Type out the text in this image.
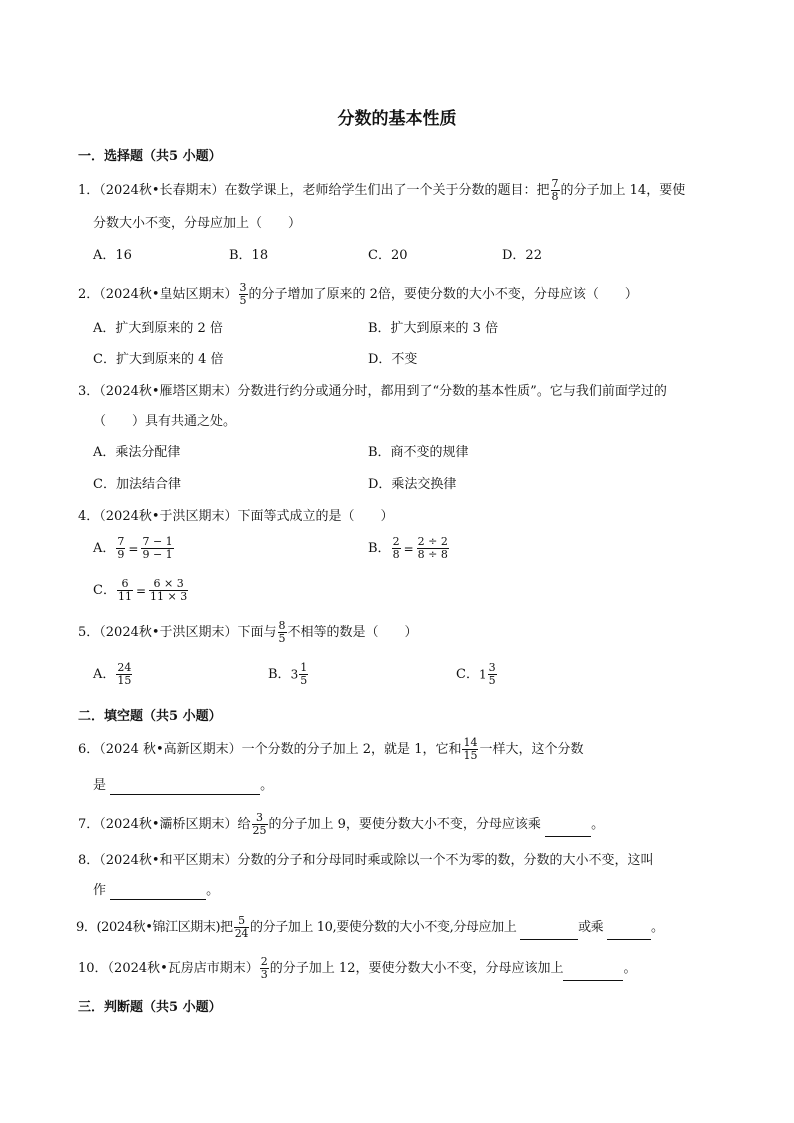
分数的基本性质
一．选择题（共5 小题）
1．（2024秋•长春期末）在数学课上，老师给学生们出了一个关于分数的题目：把 $\frac{7}{8}$ 的分子加上 14，要使
分数大小不变，分母应加上（　　）
A．16	B．18	C．20	D．22
2．（2024秋•皇姑区期末） $\frac{3}{5}$ 的分子增加了原来的 2倍，要使分数的大小不变，分母应该（　　）
A．扩大到原来的 2 倍	B．扩大到原来的 3 倍
C．扩大到原来的 4 倍	D．不变
3．（2024秋•雁塔区期末）分数进行约分或通分时，都用到了“分数的基本性质”。它与我们前面学过的
（　　）具有共通之处。
A．乘法分配律	B．商不变的规律
C．加法结合律	D．乘法交换律
4．（2024秋•于洪区期末）下面等式成立的是（　　）
A． $\frac{7}{9} = \frac{7 - 1}{9 - 1}$	B． $\frac{2}{8} = \frac{2 \div 2}{8 \div 8}$
C． $\frac{6}{11} = \frac{6 \times 3}{11 \times 3}$
5．（2024秋•于洪区期末）下面与 $\frac{8}{5}$ 不相等的数是（　　）
A． $\frac{24}{15}$	B．$3 \frac{1}{5}$	C．$1 \frac{3}{5}$
二．填空题（共5 小题）
6．（2024 秋•高新区期末）一个分数的分子加上 2，就是 1，它和 $\frac{14}{15}$ 一样大，这个分数
是	。
7．（2024秋•灞桥区期末）给 $\frac{3}{25}$ 的分子加上 9，要使分数大小不变，分母应该乘	。
8．（2024秋•和平区期末）分数的分子和分母同时乘或除以一个不为零的数，分数的大小不变，这叫
作	。
9．(2024秋•锦江区期末)把 $\frac{5}{24}$ 的分子加上 10,要使分数的大小不变,分母应加上	或乘	。
10．（2024秋•瓦房店市期末） $\frac{2}{3}$ 的分子加上 12，要使分数大小不变，分母应该加上	。
三．判断题（共5 小题）
